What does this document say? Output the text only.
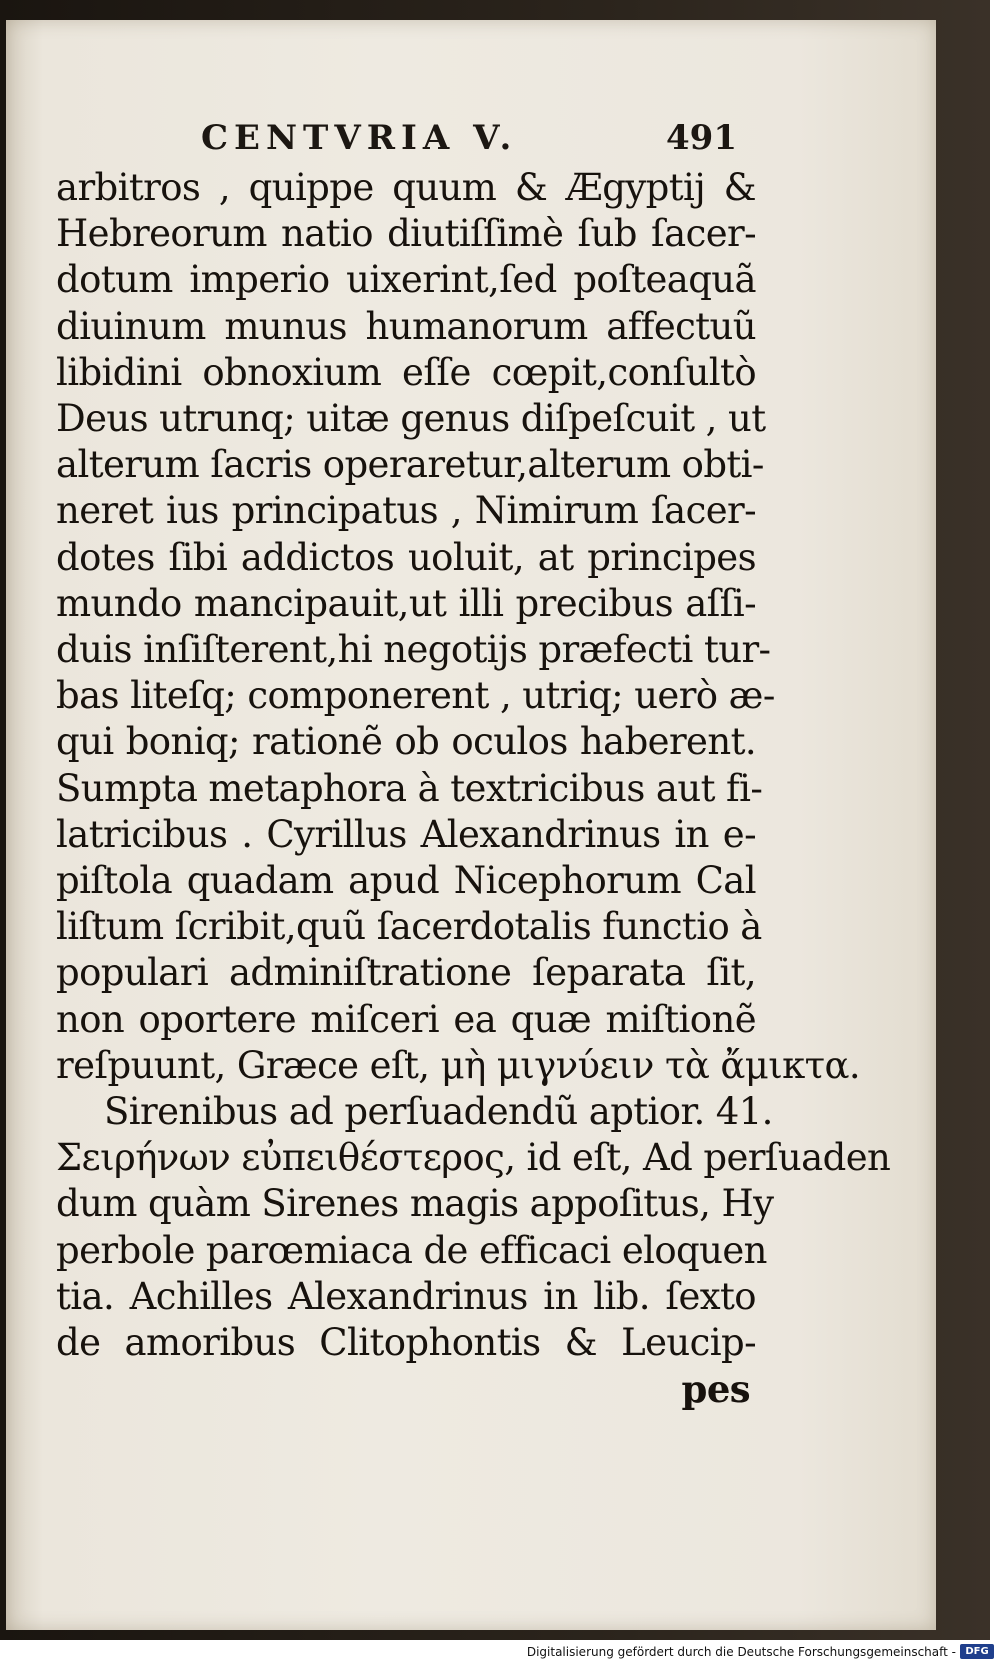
CENTVRIA V.	491
arbitros , quippe quum & Ægyptij &
Hebreorum natio diutiſſimè ſub ſacer-
dotum imperio uixerint,ſed poſteaquã
diuinum munus humanorum affectuũ
libidini obnoxium eſſe cœpit,conſultò
Deus utrunq; uitæ genus diſpeſcuit , ut
alterum ſacris operaretur,alterum obti-
neret ius principatus , Nimirum ſacer-
dotes ſibi addictos uoluit, at principes
mundo mancipauit,ut illi precibus aſſi-
duis inſiſterent,hi negotijs præfecti tur-
bas liteſq; componerent , utriq; uerò æ-
qui boniq; rationẽ ob oculos haberent.
Sumpta metaphora à textricibus aut fi-
latricibus . Cyrillus Alexandrinus in e-
piſtola quadam apud Nicephorum Cal
liſtum ſcribit,quũ ſacerdotalis functio à
populari adminiſtratione ſeparata ſit,
non oportere miſceri ea quæ miſtionẽ
reſpuunt, Græce eſt, μὴ μιγνύειν τὰ ἄμικτα.
Sirenibus ad perſuadendũ aptior. 41.
Σειρήνων εὐπειθέστερος, id eſt, Ad perſuaden
dum quàm Sirenes magis appoſitus, Hy
perbole parœmiaca de efficaci eloquen
tia. Achilles Alexandrinus in lib. ſexto
de amoribus Clitophontis & Leucip-
pes
Digitalisierung gefördert durch die Deutsche Forschungsgemeinschaft - DFG
